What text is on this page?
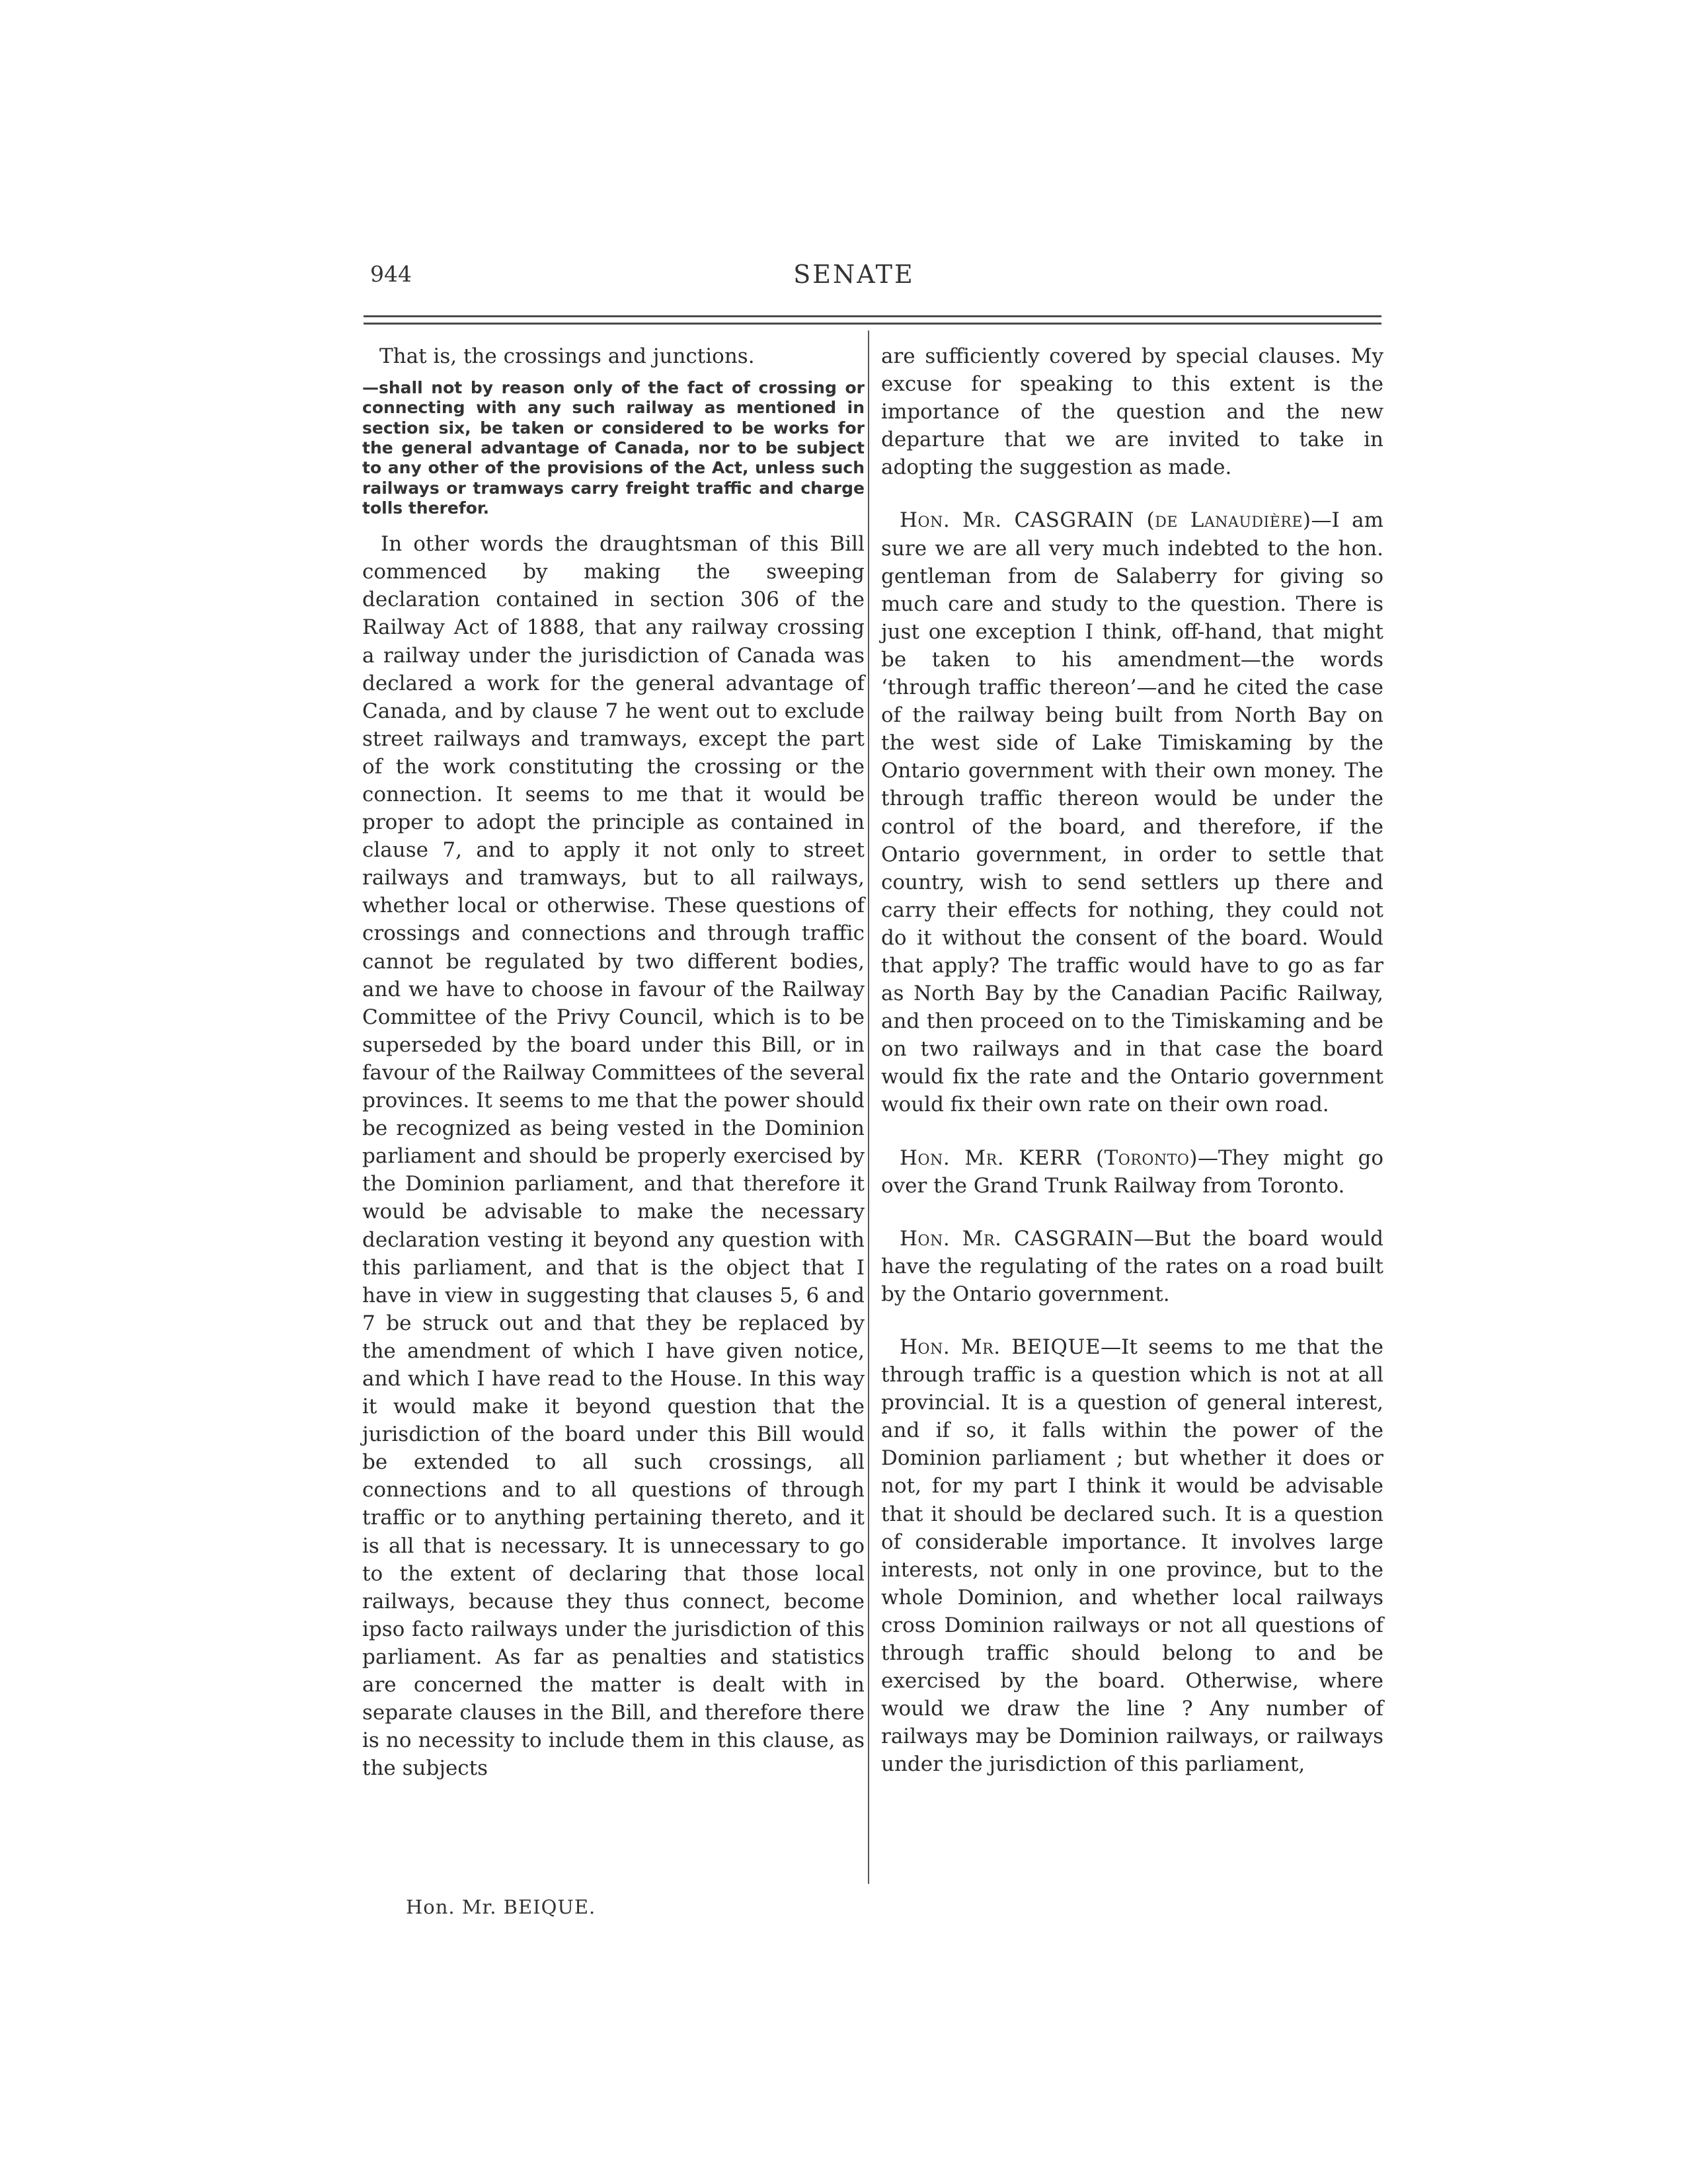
944	SENATE

That is, the crossings and junctions.

—shall not by reason only of the fact of crossing or connecting with any such railway as mentioned in section six, be taken or considered to be works for the general advantage of Canada, nor to be subject to any other of the provisions of the Act, unless such railways or tramways carry freight traffic and charge tolls therefor.

In other words the draughtsman of this Bill commenced by making the sweeping declaration contained in section 306 of the Railway Act of 1888, that any railway crossing a railway under the jurisdiction of Canada was declared a work for the general advantage of Canada, and by clause 7 he went out to exclude street railways and tramways, except the part of the work constituting the crossing or the connection. It seems to me that it would be proper to adopt the principle as contained in clause 7, and to apply it not only to street railways and tramways, but to all railways, whether local or otherwise. These questions of crossings and connections and through traffic cannot be regulated by two different bodies, and we have to choose in favour of the Railway Committee of the Privy Council, which is to be superseded by the board under this Bill, or in favour of the Railway Committees of the several provinces. It seems to me that the power should be recognized as being vested in the Dominion parliament and should be properly exercised by the Dominion parliament, and that therefore it would be advisable to make the necessary declaration vesting it beyond any question with this parliament, and that is the object that I have in view in suggesting that clauses 5, 6 and 7 be struck out and that they be replaced by the amendment of which I have given notice, and which I have read to the House. In this way it would make it beyond question that the jurisdiction of the board under this Bill would be extended to all such crossings, all connections and to all questions of through traffic or to anything pertaining thereto, and it is all that is necessary. It is unnecessary to go to the extent of declaring that those local railways, because they thus connect, become ipso facto railways under the jurisdiction of this parliament. As far as penalties and statistics are concerned the matter is dealt with in separate clauses in the Bill, and therefore there is no necessity to include them in this clause, as the subjects

are sufficiently covered by special clauses. My excuse for speaking to this extent is the importance of the question and the new departure that we are invited to take in adopting the suggestion as made.

Hon. Mr. CASGRAIN (de Lanaudière)—I am sure we are all very much indebted to the hon. gentleman from de Salaberry for giving so much care and study to the question. There is just one exception I think, off-hand, that might be taken to his amendment—the words ‘through traffic thereon’—and he cited the case of the railway being built from North Bay on the west side of Lake Timiskaming by the Ontario government with their own money. The through traffic thereon would be under the control of the board, and therefore, if the Ontario government, in order to settle that country, wish to send settlers up there and carry their effects for nothing, they could not do it without the consent of the board. Would that apply? The traffic would have to go as far as North Bay by the Canadian Pacific Railway, and then proceed on to the Timiskaming and be on two railways and in that case the board would fix the rate and the Ontario government would fix their own rate on their own road.

Hon. Mr. KERR (Toronto)—They might go over the Grand Trunk Railway from Toronto.

Hon. Mr. CASGRAIN—But the board would have the regulating of the rates on a road built by the Ontario government.

Hon. Mr. BEIQUE—It seems to me that the through traffic is a question which is not at all provincial. It is a question of general interest, and if so, it falls within the power of the Dominion parliament ; but whether it does or not, for my part I think it would be advisable that it should be declared such. It is a question of considerable importance. It involves large interests, not only in one province, but to the whole Dominion, and whether local railways cross Dominion railways or not all questions of through traffic should belong to and be exercised by the board. Otherwise, where would we draw the line ? Any number of railways may be Dominion railways, or railways under the jurisdiction of this parliament,

Hon. Mr. BEIQUE.
